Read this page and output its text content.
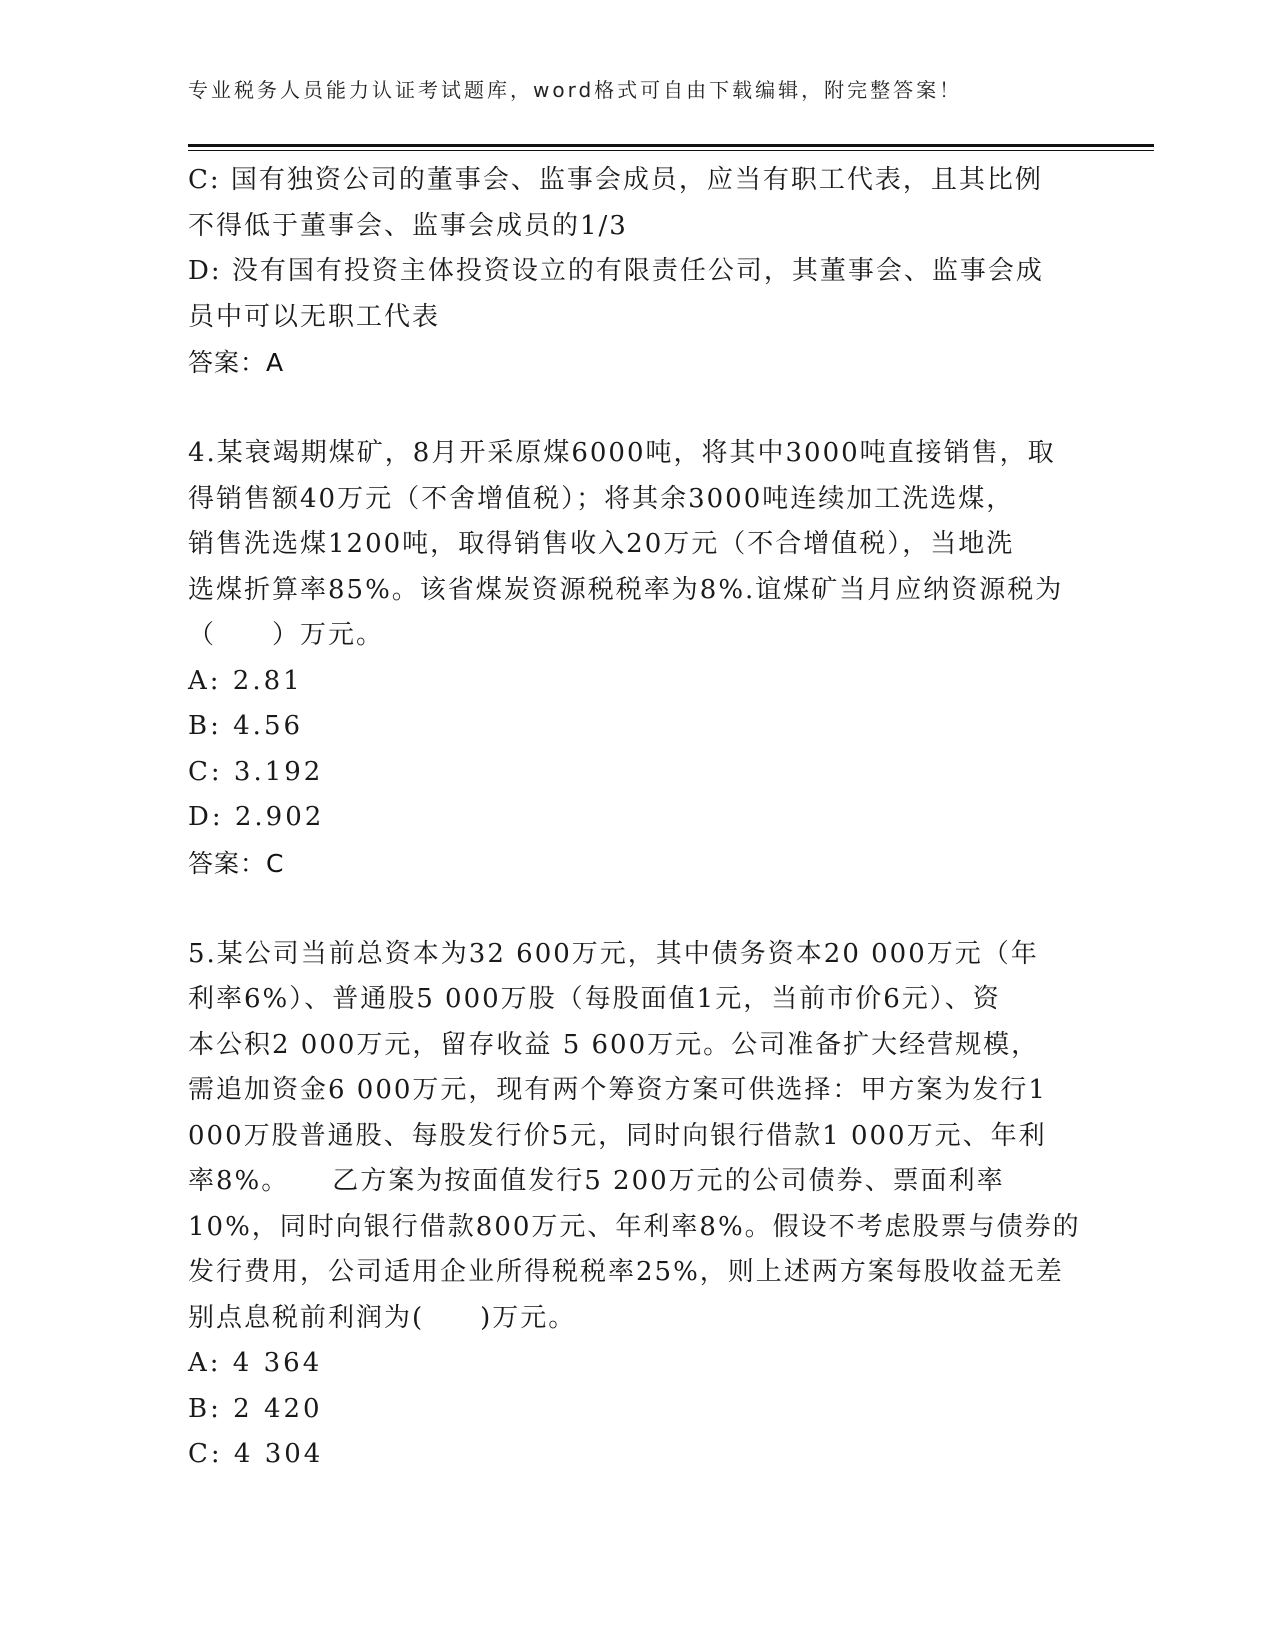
专业税务人员能力认证考试题库，word格式可自由下载编辑，附完整答案！
C: 国有独资公司的董事会、监事会成员，应当有职工代表，且其比例
不得低于董事会、监事会成员的1/3
D: 没有国有投资主体投资设立的有限责任公司，其董事会、监事会成
员中可以无职工代表
答案：A
4.某衰竭期煤矿，8月开采原煤6000吨，将其中3000吨直接销售，取
得销售额40万元（不舍增值税）；将其余3000吨连续加工洗选煤，
销售洗选煤1200吨，取得销售收入20万元（不合增值税），当地洗
选煤折算率85%。该省煤炭资源税税率为8%.谊煤矿当月应纳资源税为
（　　）万元。
A: 2.81
B: 4.56
C: 3.192
D: 2.902
答案：C
5.某公司当前总资本为32 600万元，其中债务资本20 000万元（年
利率6%）、普通股5 000万股（每股面值1元，当前市价6元）、资
本公积2 000万元，留存收益 5 600万元。公司准备扩大经营规模，
需追加资金6 000万元，现有两个筹资方案可供选择：甲方案为发行1
000万股普通股、每股发行价5元，同时向银行借款1 000万元、年利
率8%。　　乙方案为按面值发行5 200万元的公司债券、票面利率
10%，同时向银行借款800万元、年利率8%。假设不考虑股票与债券的
发行费用，公司适用企业所得税税率25%，则上述两方案每股收益无差
别点息税前利润为(　　)万元。
A: 4 364
B: 2 420
C: 4 304
